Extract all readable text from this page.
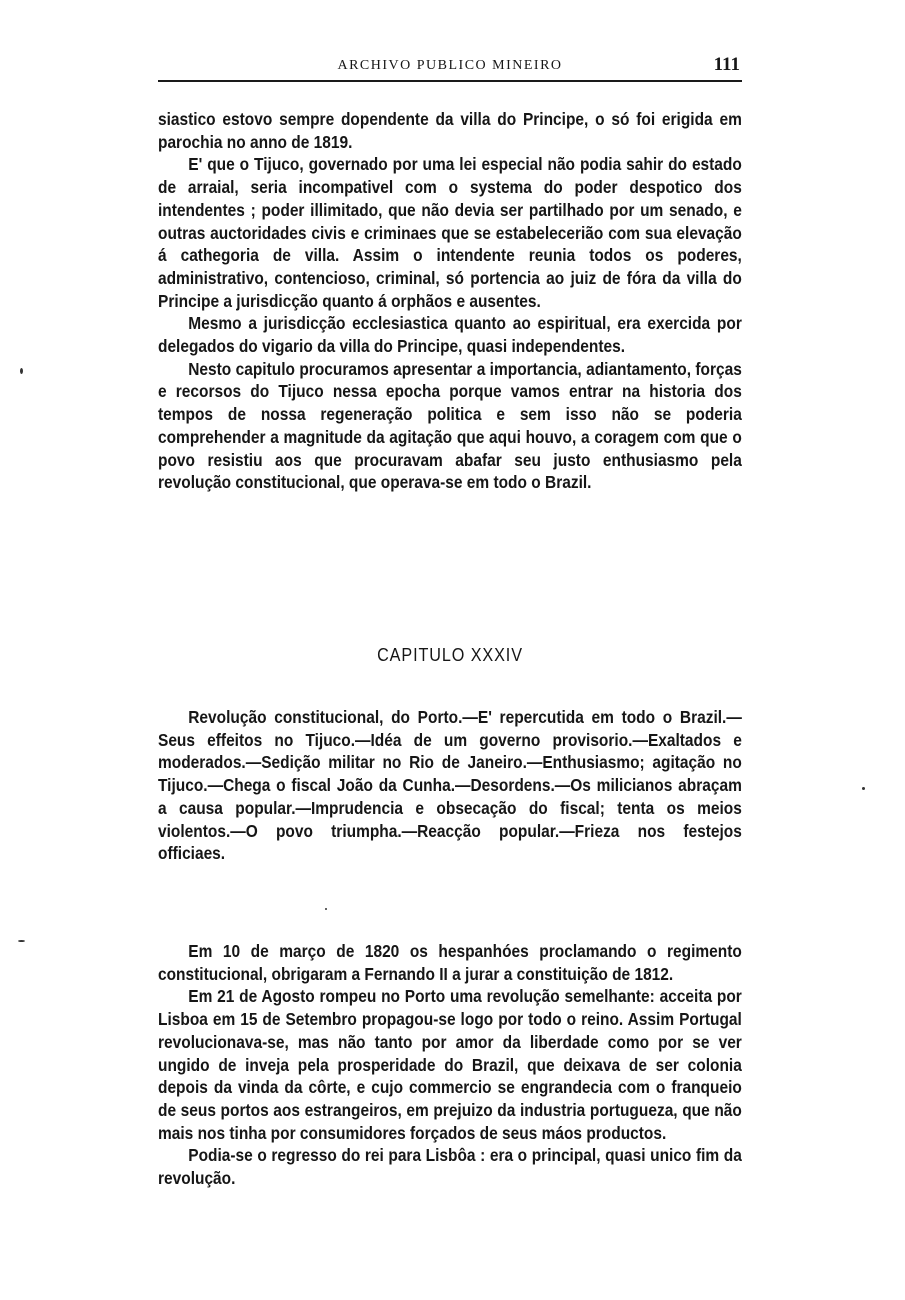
ARCHIVO PUBLICO MINEIRO	111

siastico estovo sempre dopendente da villa do Principe, o só foi erigida em parochia no anno de 1819.

E' que o Tijuco, governado por uma lei especial não podia sahir do estado de arraial, seria incompativel com o systema do poder despotico dos intendentes ; poder illimitado, que não devia ser partilhado por um senado, e outras auctoridades civis e criminaes que se estabelecerião com sua elevação á cathegoria de villa. Assim o intendente reunia todos os poderes, administrativo, contencioso, criminal, só portencia ao juiz de fóra da villa do Principe a jurisdicção quanto á orphãos e ausentes.

Mesmo a jurisdicção ecclesiastica quanto ao espiritual, era exercida por delegados do vigario da villa do Principe, quasi independentes.

Nesto capitulo procuramos apresentar a importancia, adiantamento, forças e recorsos do Tijuco nessa epocha porque vamos entrar na historia dos tempos de nossa regeneração politica e sem isso não se poderia comprehender a magnitude da agitação que aqui houvo, a coragem com que o povo resistiu aos que procuravam abafar seu justo enthusiasmo pela revolução constitucional, que operava-se em todo o Brazil.

CAPITULO XXXIV

Revolução constitucional, do Porto.—E' repercutida em todo o Brazil.—Seus effeitos no Tijuco.—Idéa de um governo provisorio.—Exaltados e moderados.—Sedição militar no Rio de Janeiro.—Enthusiasmo; agitação no Tijuco.—Chega o fiscal João da Cunha.—Desordens.—Os milicianos abraçam a causa popular.—Imprudencia e obsecação do fiscal; tenta os meios violentos.—O povo triumpha.—Reacção popular.—Frieza nos festejos officiaes.

Em 10 de março de 1820 os hespanhóes proclamando o regimento constitucional, obrigaram a Fernando II a jurar a constituição de 1812.

Em 21 de Agosto rompeu no Porto uma revolução semelhante: acceita por Lisboa em 15 de Setembro propagou-se logo por todo o reino. Assim Portugal revolucionava-se, mas não tanto por amor da liberdade como por se ver ungido de inveja pela prosperidade do Brazil, que deixava de ser colonia depois da vinda da côrte, e cujo commercio se engrandecia com o franqueio de seus portos aos estrangeiros, em prejuizo da industria portugueza, que não mais nos tinha por consumidores forçados de seus máos productos.

Podia-se o regresso do rei para Lisbôa : era o principal, quasi unico fim da revolução.
